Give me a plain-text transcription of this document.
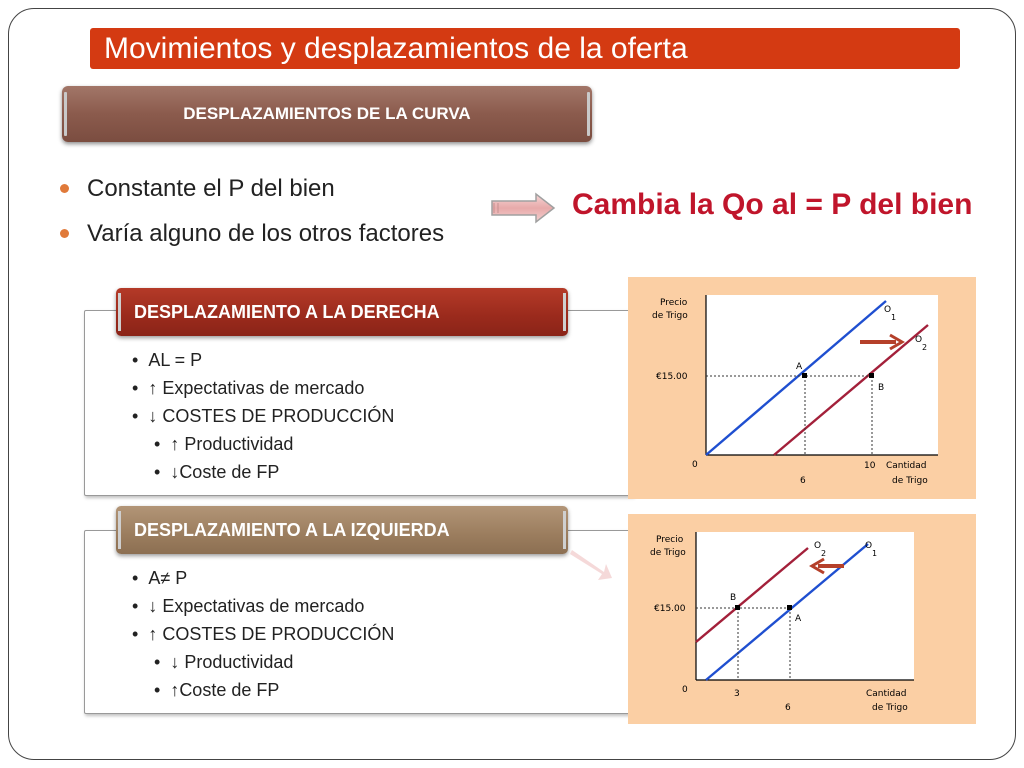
Movimientos y desplazamientos de la oferta
DESPLAZAMIENTOS DE LA CURVA
Constante el P del bien
Varía alguno de los otros factores
Cambia la Qo al = P del bien
DESPLAZAMIENTO A LA DERECHA
• AL = P
• ↑ Expectativas de mercado
• ↓ COSTES DE PRODUCCIÓN
• ↑ Productividad
• ↓Coste de FP
DESPLAZAMIENTO A LA IZQUIERDA
• A≠ P
• ↓ Expectativas de mercado
• ↑ COSTES DE PRODUCCIÓN
• ↓ Productividad
• ↑Coste de FP
A
B
Precio
de Trigo
€15.00
0
6
10 Cantidad
de Trigo
O
1
O
2
B
A
Precio
de Trigo
€15.00
0	3
6
Cantidad
de Trigo
O
2
O
1
